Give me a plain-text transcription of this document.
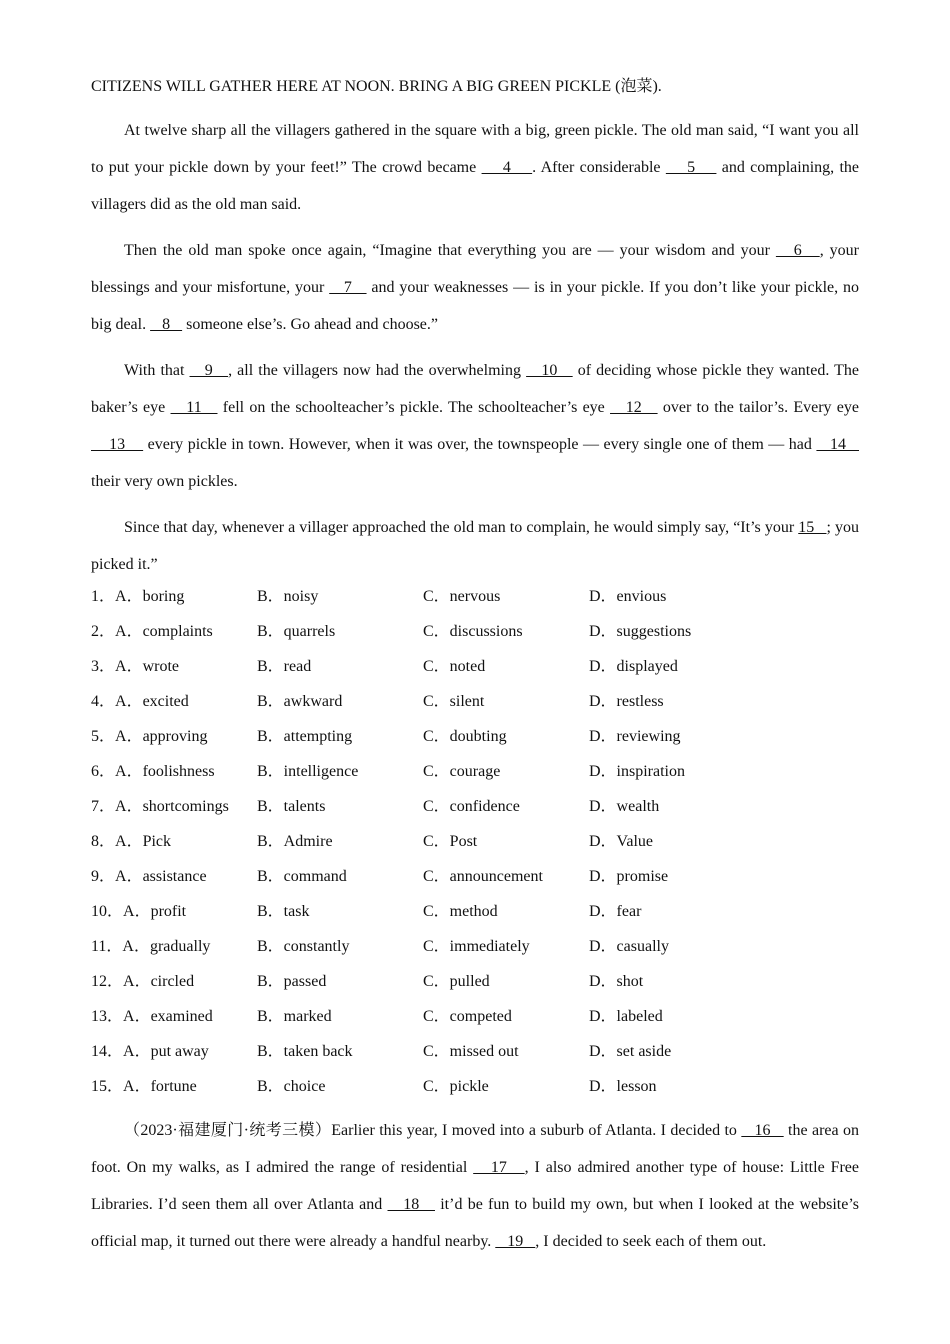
CITIZENS WILL GATHER HERE AT NOON. BRING A BIG GREEN PICKLE (泡菜).

At twelve sharp all the villagers gathered in the square with a big, green pickle. The old man said, “I want you all to put your pickle down by your feet!” The crowd became     4    . After considerable     5     and complaining, the villagers did as the old man said.

Then the old man spoke once again, “Imagine that everything you are — your wisdom and your    6   , your blessings and your misfortune, your    7    and your weaknesses — is in your pickle. If you don’t like your pickle, no big deal.    8    someone else’s. Go ahead and choose.”

With that    9   , all the villagers now had the overwhelming    10    of deciding whose pickle they wanted. The baker’s eye    11    fell on the schoolteacher’s pickle. The schoolteacher’s eye    12    over to the tailor’s. Every eye     13     every pickle in town. However, when it was over, the townspeople — every single one of them — had    14    their very own pickles.

Since that day, whenever a villager approached the old man to complain, he would simply say, “It’s your 15   ; you picked it.”

1．A．boring	B．noisy	C．nervous	D．envious
2．A．complaints	B．quarrels	C．discussions	D．suggestions
3．A．wrote	B．read	C．noted	D．displayed
4．A．excited	B．awkward	C．silent	D．restless
5．A．approving	B．attempting	C．doubting	D．reviewing
6．A．foolishness	B．intelligence	C．courage	D．inspiration
7．A．shortcomings	B．talents	C．confidence	D．wealth
8．A．Pick	B．Admire	C．Post	D．Value
9．A．assistance	B．command	C．announcement	D．promise
10．A．profit	B．task	C．method	D．fear
11．A．gradually	B．constantly	C．immediately	D．casually
12．A．circled	B．passed	C．pulled	D．shot
13．A．examined	B．marked	C．competed	D．labeled
14．A．put away	B．taken back	C．missed out	D．set aside
15．A．fortune	B．choice	C．pickle	D．lesson

（2023·福建厦门·统考三模）Earlier this year, I moved into a suburb of Atlanta. I decided to    16    the area on foot. On my walks, as I admired the range of residential    17   , I also admired another type of house: Little Free Libraries. I’d seen them all over Atlanta and    18    it’d be fun to build my own, but when I looked at the website’s official map, it turned out there were already a handful nearby.    19   , I decided to seek each of them out.
